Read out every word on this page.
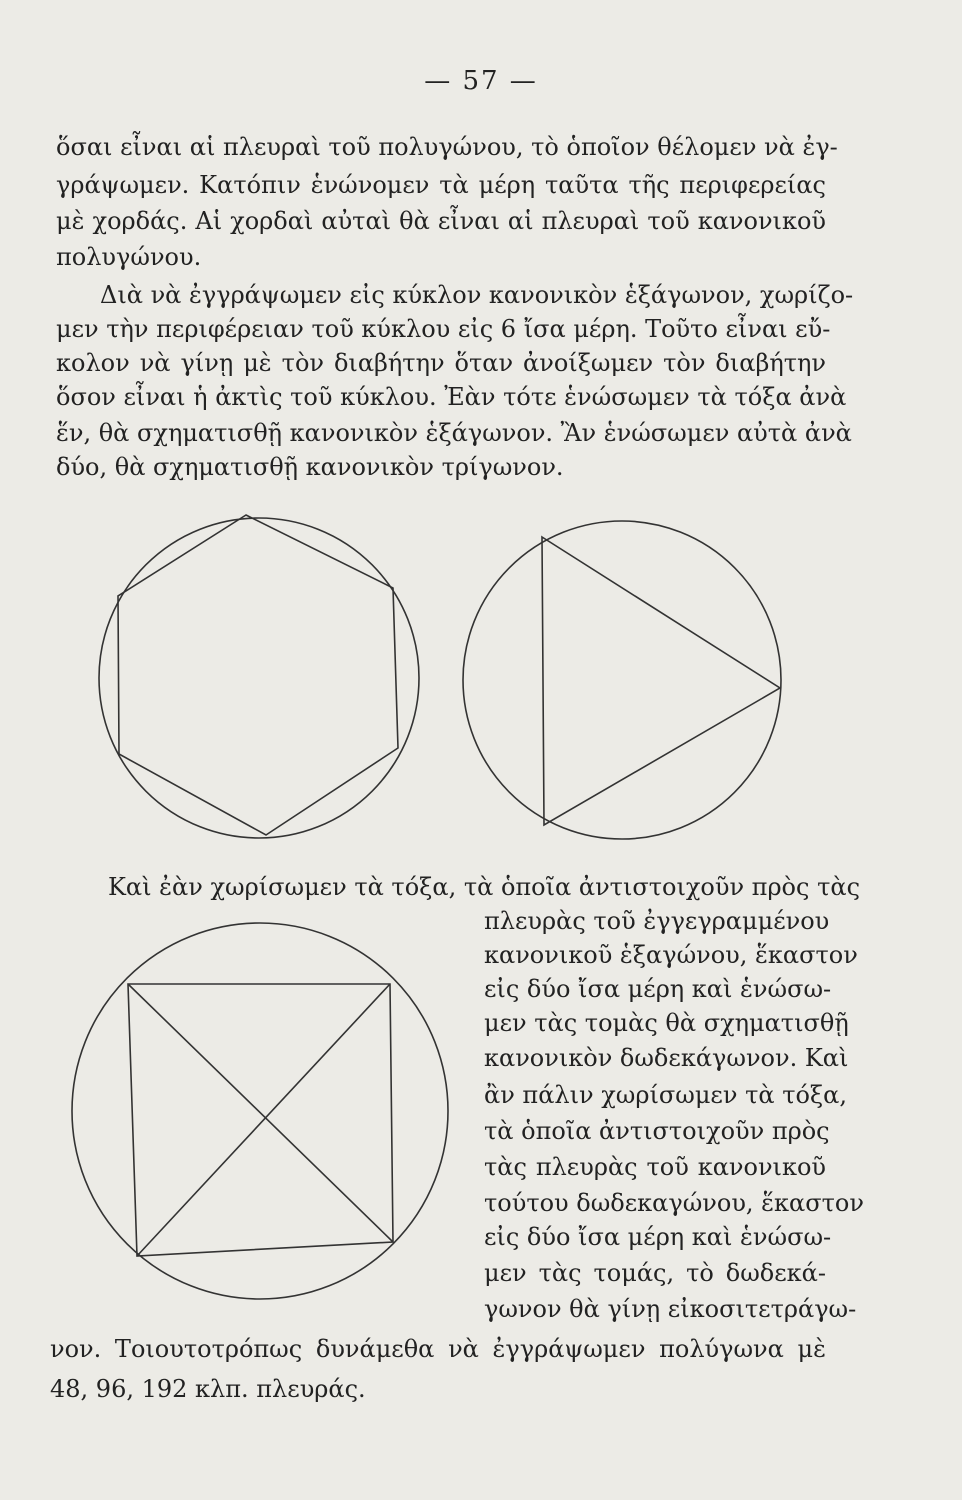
— 57 —
ὅσαι εἶναι αἱ πλευραὶ τοῦ πολυγώνου, τὸ ὁποῖον θέλομεν νὰ ἐγ-
γράψωμεν. Κατόπιν ἑνώνομεν τὰ μέρη ταῦτα τῆς περιφερείας
μὲ χορδάς. Αἱ χορδαὶ αὐταὶ θὰ εἶναι αἱ πλευραὶ τοῦ κανονικοῦ
πολυγώνου.
Διὰ νὰ ἐγγράψωμεν εἰς κύκλον κανονικὸν ἑξάγωνον, χωρίζο-
μεν τὴν περιφέρειαν τοῦ κύκλου εἰς 6 ἴσα μέρη. Τοῦτο εἶναι εὔ-
κολον νὰ γίνῃ μὲ τὸν διαβήτην ὅταν ἀνοίξωμεν τὸν διαβήτην
ὅσον εἶναι ἡ ἀκτὶς τοῦ κύκλου. Ἐὰν τότε ἑνώσωμεν τὰ τόξα ἀνὰ
ἕν, θὰ σχηματισθῇ κανονικὸν ἑξάγωνον. Ἂν ἑνώσωμεν αὐτὰ ἀνὰ
δύο, θὰ σχηματισθῇ κανονικὸν τρίγωνον.
Καὶ ἐὰν χωρίσωμεν τὰ τόξα, τὰ ὁποῖα ἀντιστοιχοῦν πρὸς τὰς
πλευρὰς τοῦ ἐγγεγραμμένου
κανονικοῦ ἑξαγώνου, ἕκαστον
εἰς δύο ἴσα μέρη καὶ ἑνώσω-
μεν τὰς τομὰς θὰ σχηματισθῇ
κανονικὸν δωδεκάγωνον. Καὶ
ἂν πάλιν χωρίσωμεν τὰ τόξα,
τὰ ὁποῖα ἀντιστοιχοῦν πρὸς
τὰς πλευρὰς τοῦ κανονικοῦ
τούτου δωδεκαγώνου, ἕκαστον
εἰς δύο ἴσα μέρη καὶ ἑνώσω-
μεν τὰς τομάς, τὸ δωδεκά-
γωνον θὰ γίνῃ εἰκοσιτετράγω-
νον. Τοιουτοτρόπως δυνάμεθα νὰ ἐγγράψωμεν πολύγωνα μὲ
48, 96, 192 κλπ. πλευράς.
